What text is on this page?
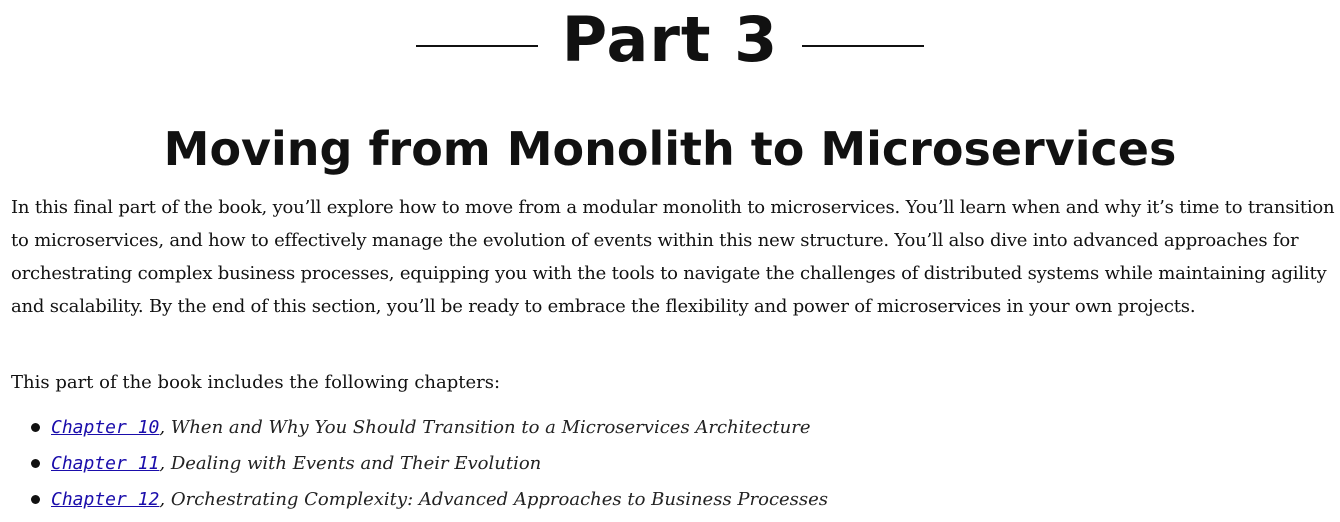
Part 3
Moving from Monolith to Microservices

In this final part of the book, you’ll explore how to move from a modular monolith to microservices. You’ll learn when and why it’s time to transition to microservices, and how to effectively manage the evolution of events within this new structure. You’ll also dive into advanced approaches for orchestrating complex business processes, equipping you with the tools to navigate the challenges of distributed systems while maintaining agility and scalability. By the end of this section, you’ll be ready to embrace the flexibility and power of microservices in your own projects.

This part of the book includes the following chapters:

Chapter 10, When and Why You Should Transition to a Microservices Architecture
Chapter 11, Dealing with Events and Their Evolution
Chapter 12, Orchestrating Complexity: Advanced Approaches to Business Processes
